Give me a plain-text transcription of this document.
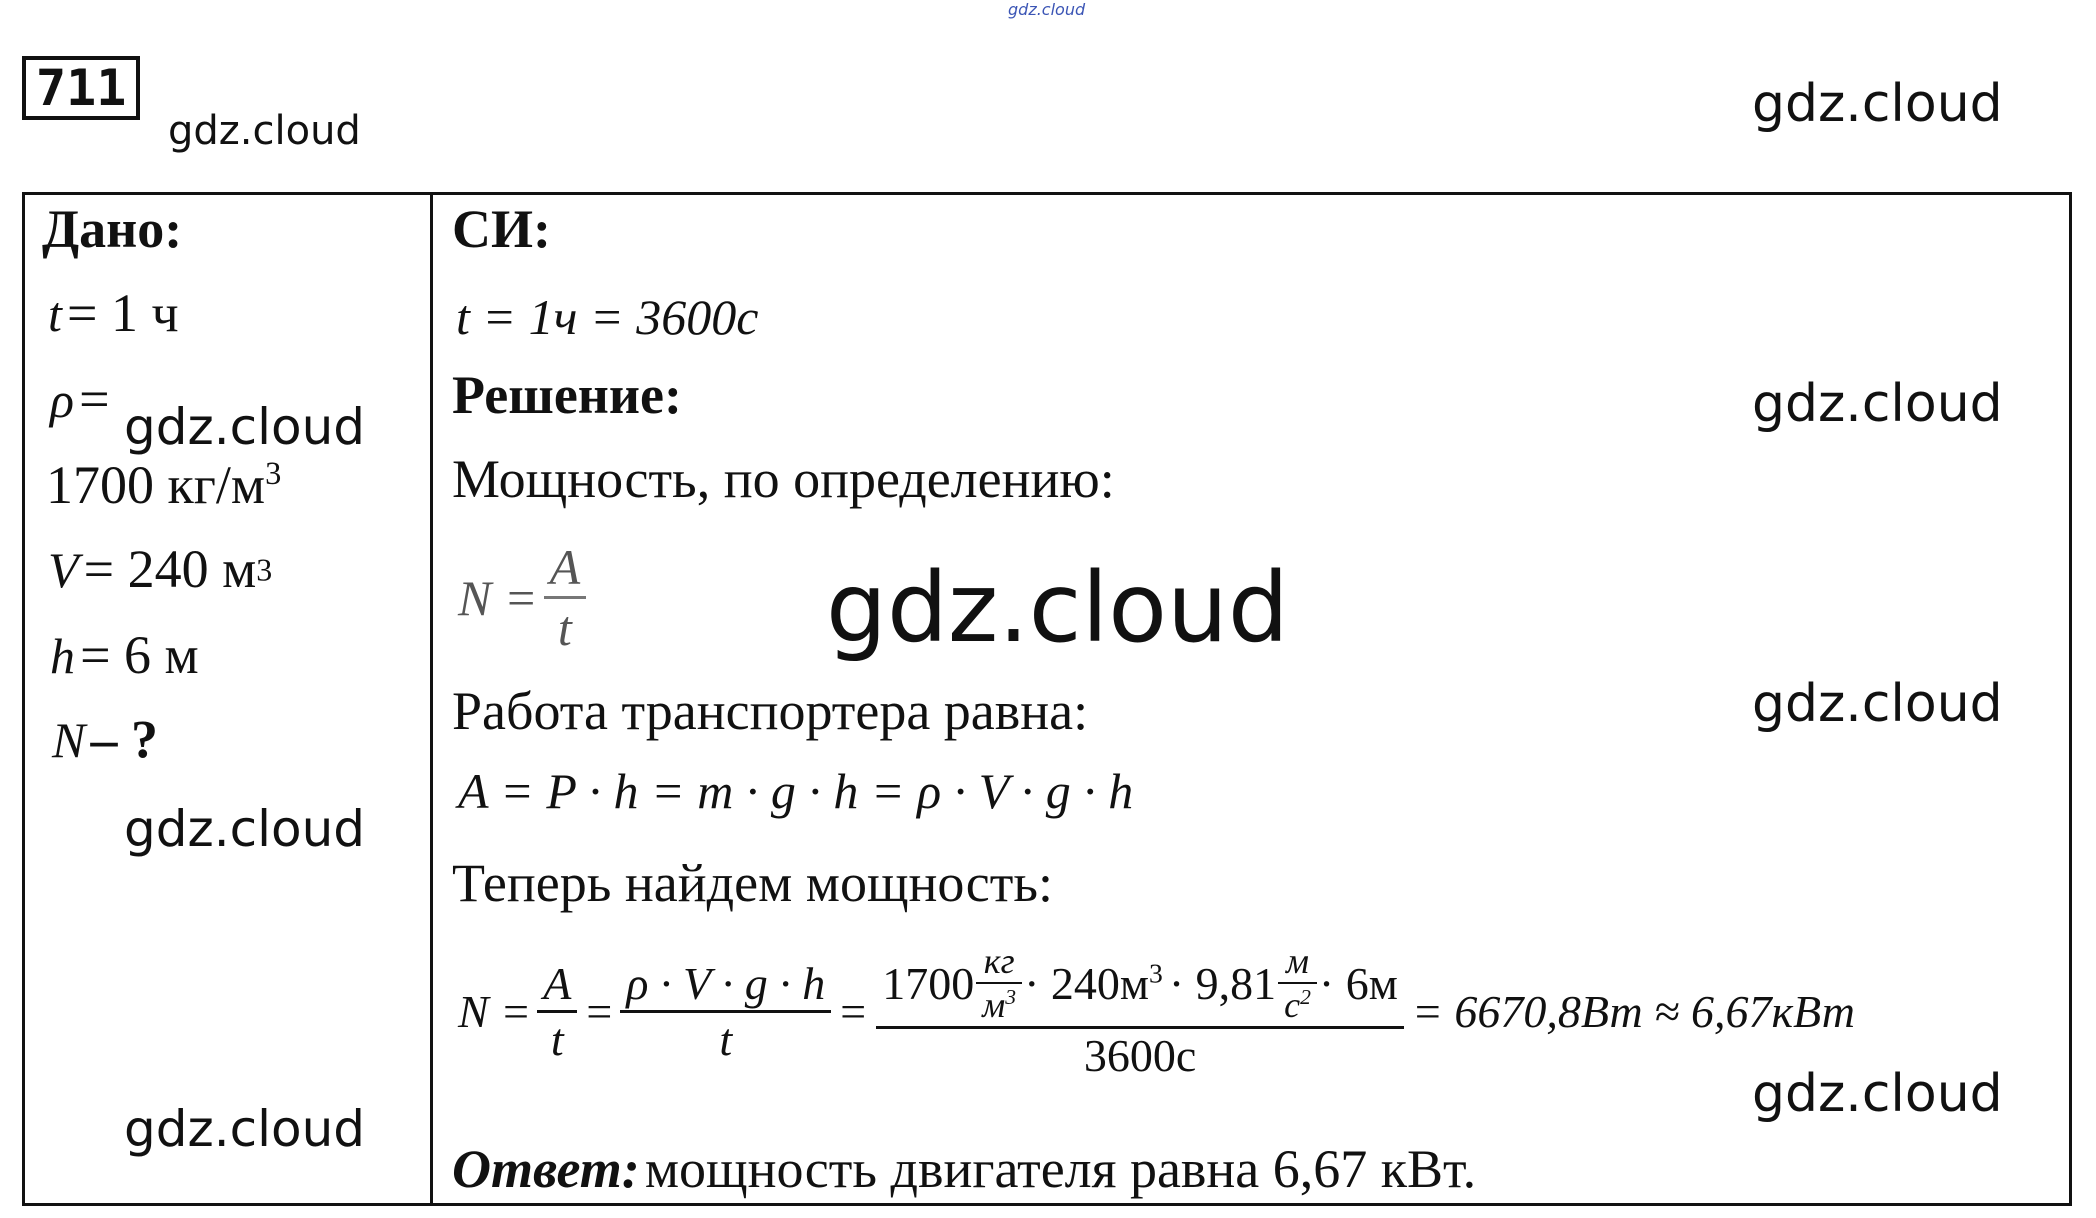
gdz.cloud
711
gdz.cloud	gdz.cloud
Дано:
t = 1 ч
ρ =
1700 $кг/м^3$
V = 240 $м^3$
h = 6 м
N – ?
gdz.cloud
gdz.cloud
gdz.cloud
СИ:
t = 1ч = 3600с
Решение:	gdz.cloud
Мощность, по определению:
$N = \frac{A}{t}$ gdz.cloud
Работа транспортера равна:	gdz.cloud
A = P · h = m · g · h = ρ · V · g · h
Теперь найдем мощность:
$N = \frac{A}{t} = \frac{\rho \cdot V \cdot g \cdot h}{t}$ =
$1700 \frac{кг}{м^3} \cdot 240м^3 \cdot 9,81 \frac{м}{с^2} \cdot 6м$
3600с
= 6670,8Вт ≈ 6,67кВт
gdz.cloud
Ответ: мощность двигателя равна 6,67 кВт.
